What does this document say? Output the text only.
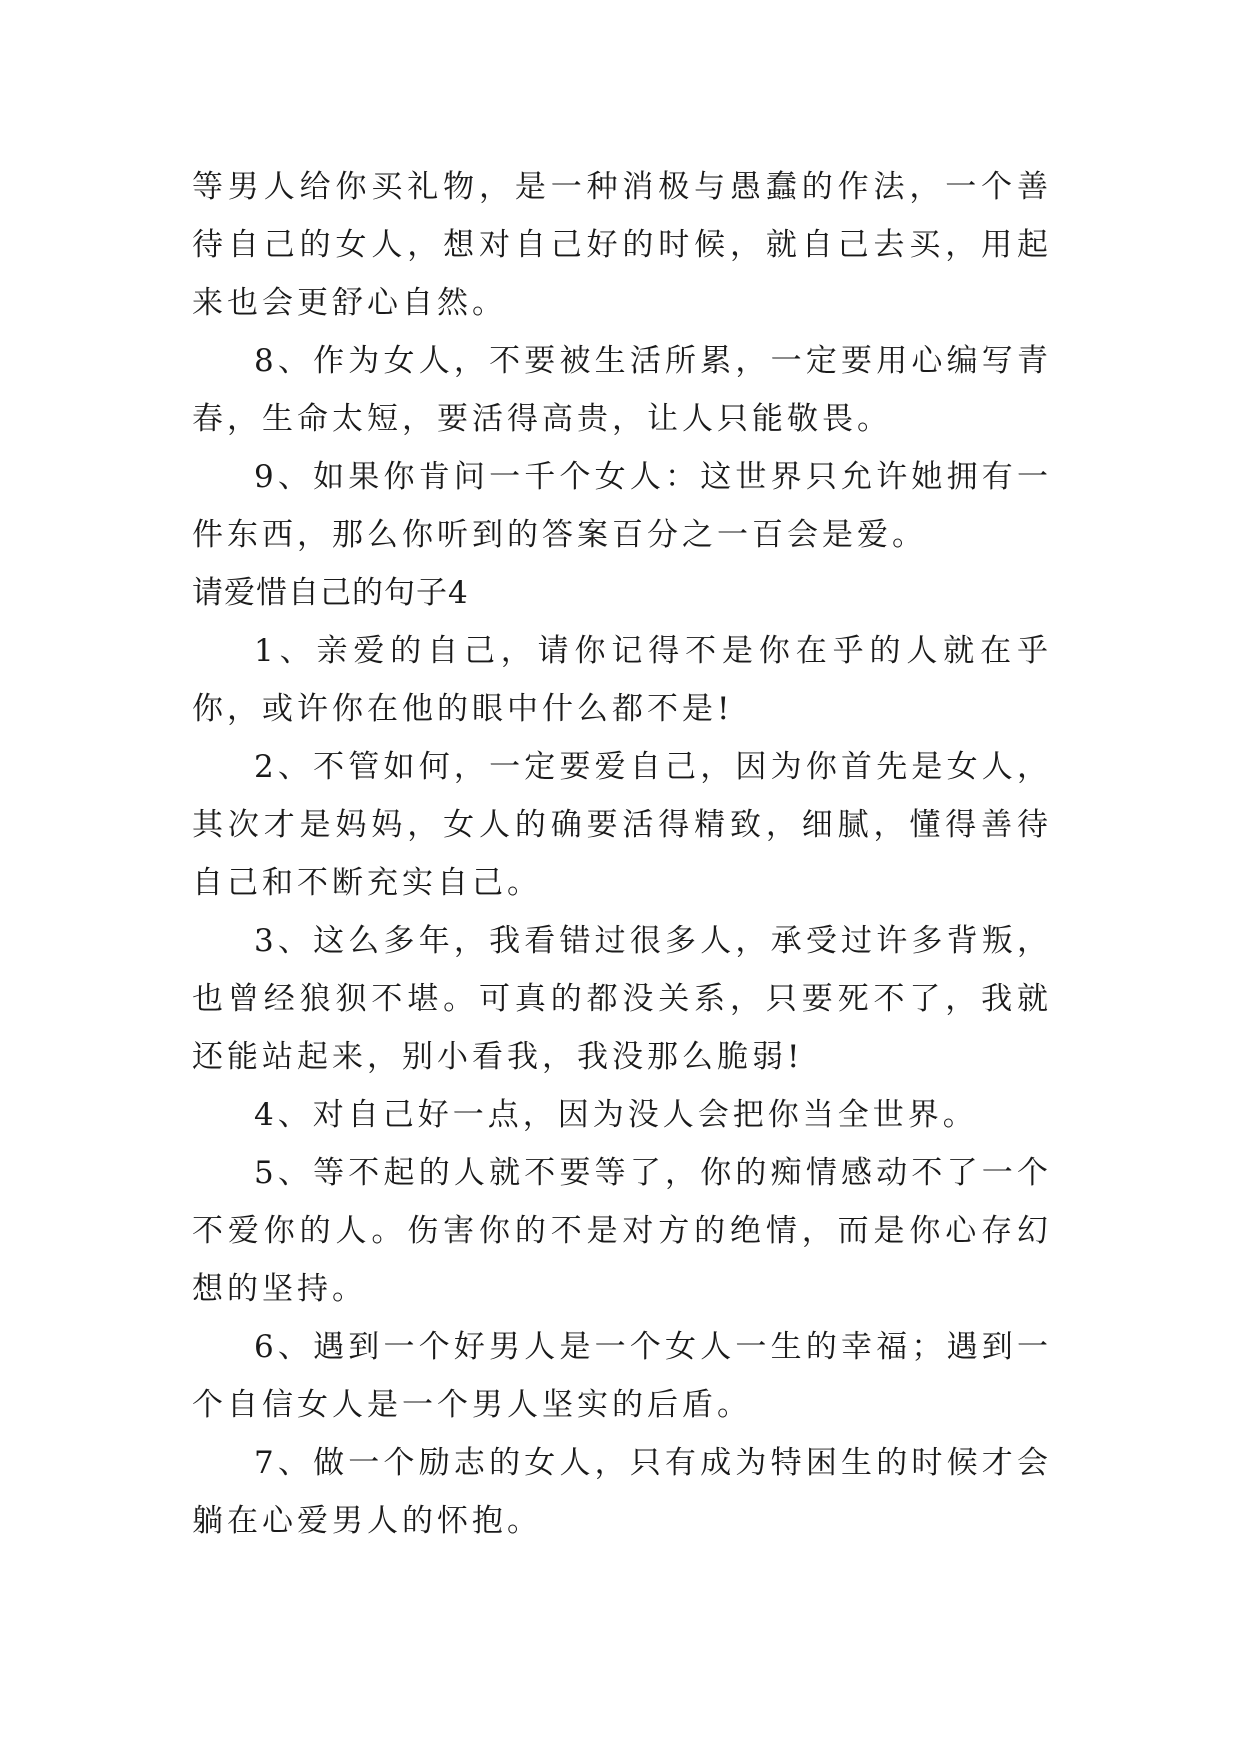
等男人给你买礼物，是一种消极与愚蠢的作法，一个善待自己的女人，想对自己好的时候，就自己去买，用起来也会更舒心自然。

8、作为女人，不要被生活所累，一定要用心编写青春，生命太短，要活得高贵，让人只能敬畏。

9、如果你肯问一千个女人：这世界只允许她拥有一件东西，那么你听到的答案百分之一百会是爱。

请爱惜自己的句子4

1、亲爱的自己，请你记得不是你在乎的人就在乎你，或许你在他的眼中什么都不是!

2、不管如何，一定要爱自己，因为你首先是女人，其次才是妈妈，女人的确要活得精致，细腻，懂得善待自己和不断充实自己。

3、这么多年，我看错过很多人，承受过许多背叛，也曾经狼狈不堪。可真的都没关系，只要死不了，我就还能站起来，别小看我，我没那么脆弱!

4、对自己好一点，因为没人会把你当全世界。

5、等不起的人就不要等了，你的痴情感动不了一个不爱你的人。伤害你的不是对方的绝情，而是你心存幻想的坚持。

6、遇到一个好男人是一个女人一生的幸福；遇到一个自信女人是一个男人坚实的后盾。

7、做一个励志的女人，只有成为特困生的时候才会躺在心爱男人的怀抱。
